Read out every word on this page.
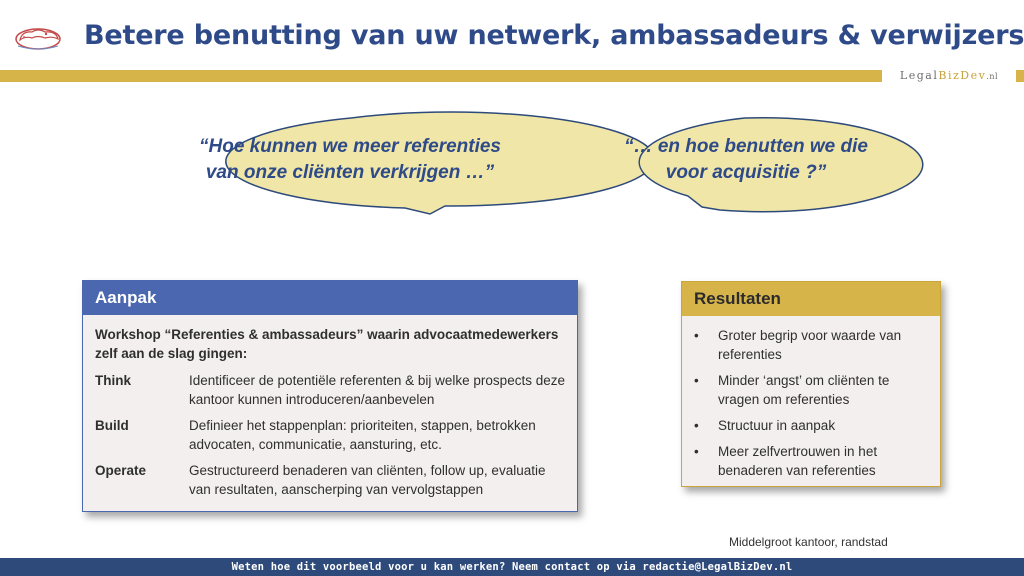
Betere benutting van uw netwerk, ambassadeurs & verwijzers
LegalBizDev.nl
“Hoe kunnen we meer referenties
van onze cliënten verkrijgen …”
“… en hoe benutten we die
voor acquisitie ?”
Aanpak
Workshop “Referenties & ambassadeurs” waarin advocaatmedewerkers zelf aan de slag gingen:
Think	Identificeer de potentiële referenten & bij welke prospects deze kantoor kunnen introduceren/aanbevelen
Build	Definieer het stappenplan: prioriteiten, stappen, betrokken advocaten, communicatie, aansturing, etc.
Operate	Gestructureerd benaderen van cliënten, follow up, evaluatie van resultaten, aanscherping van vervolgstappen
Resultaten
•	Groter begrip voor waarde van referenties
•	Minder ‘angst’ om cliënten te vragen om referenties
•	Structuur in aanpak
•	Meer zelfvertrouwen in het benaderen van referenties
Middelgroot kantoor, randstad
Weten hoe dit voorbeeld voor u kan werken? Neem contact op via redactie@LegalBizDev.nl
